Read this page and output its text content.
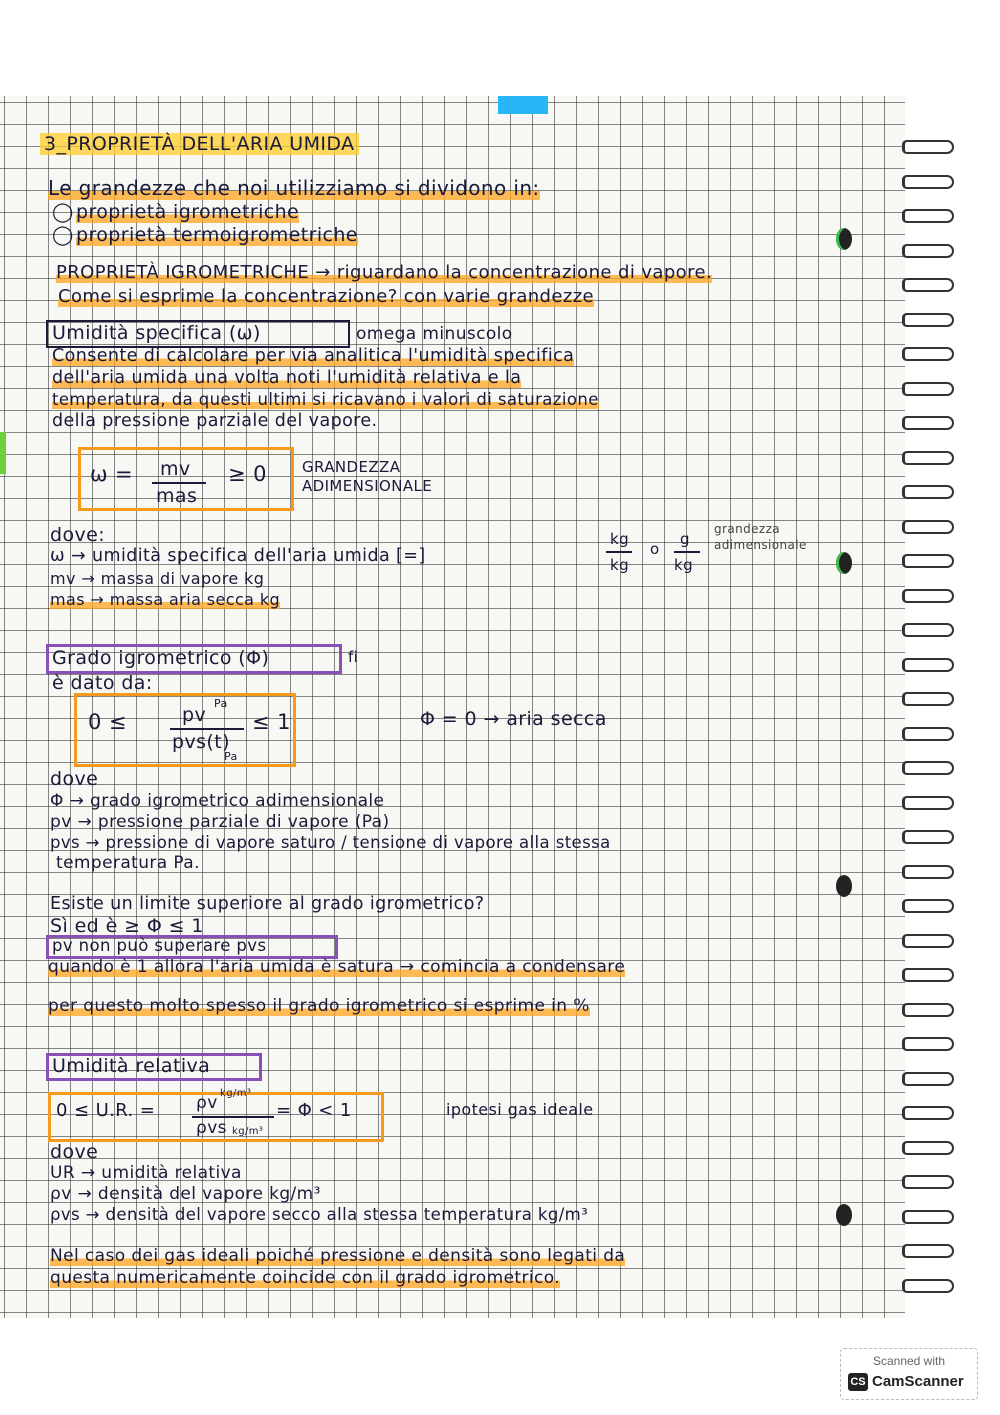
3_PROPRIETÀ DELL'ARIA UMIDA
Le grandezze che noi utilizziamo si dividono in:
◯ proprietà igrometriche
◯ proprietà termoigrometriche
PROPRIETÀ IGROMETRICHE → riguardano la concentrazione di vapore.
Come si esprime la concentrazione? con varie grandezze
Umidità specifica (ω)	omega minuscolo
Consente di calcolare per via analitica l'umidità specifica
dell'aria umida una volta noti l'umidità relativa e la
temperatura, da questi ultimi si ricavano i valori di saturazione
della pressione parziale del vapore.
ω = mv
mas
≥ 0 GRANDEZZA
ADIMENSIONALE
dove:
ω → umidità specifica dell'aria umida [=]
kg
kg
o
g
kg
grandezza
adimensionale
mv → massa di vapore kg
mas → massa aria secca kg
Grado igrometrico (Φ)	fi
è dato da:
0 ≤	pv
Pa
pvs(t)
Pa
≤ 1	Φ = 0 → aria secca
dove
Φ → grado igrometrico adimensionale
pv → pressione parziale di vapore (Pa)
pvs → pressione di vapore saturo / tensione di vapore alla stessa
temperatura Pa.
Esiste un limite superiore al grado igrometrico?
Sì ed è ≥ Φ ≤ 1
pv non può superare pvs
quando è 1 allora l'aria umida è satura → comincia a condensare
per questo molto spesso il grado igrometrico si esprime in %
Umidità relativa
0 ≤ U.R. = ρv kg/m³
ρvs kg/m³
= Φ < 1	ipotesi gas ideale
dove
UR → umidità relativa
ρv → densità del vapore kg/m³
ρvs → densità del vapore secco alla stessa temperatura kg/m³
Nel caso dei gas ideali poiché pressione e densità sono legati da
questa numericamente coincide con il grado igrometrico.
Scanned with
CS CamScanner
